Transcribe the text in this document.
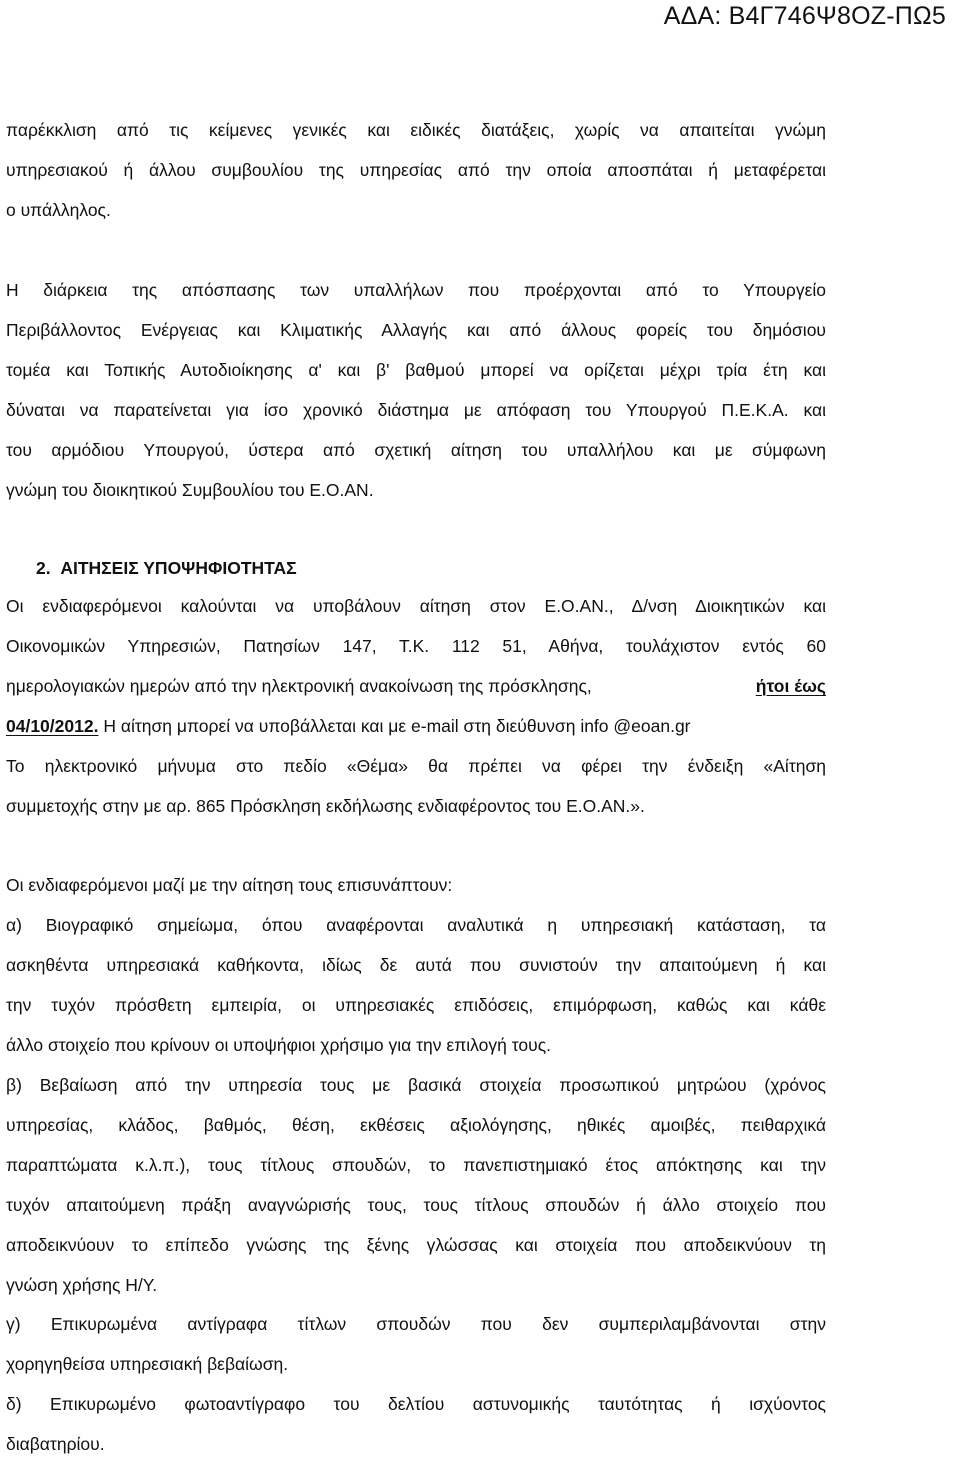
ΑΔΑ: Β4Γ746Ψ8ΟΖ-ΠΩ5
παρέκκλιση από τις κείμενες γενικές και ειδικές διατάξεις, χωρίς να απαιτείται γνώμη
υπηρεσιακού ή άλλου συμβουλίου της υπηρεσίας από την οποία αποσπάται ή μεταφέρεται
ο υπάλληλος.
Η διάρκεια της απόσπασης των υπαλλήλων που προέρχονται από το Υπουργείο
Περιβάλλοντος Ενέργειας και Κλιματικής Αλλαγής και από άλλους φορείς του δημόσιου
τομέα και Τοπικής Αυτοδιοίκησης α' και β' βαθμού μπορεί να ορίζεται μέχρι τρία έτη και
δύναται να παρατείνεται για ίσο χρονικό διάστημα με απόφαση του Υπουργού Π.Ε.Κ.Α. και
του αρμόδιου Υπουργού, ύστερα από σχετική αίτηση του υπαλλήλου και με σύμφωνη
γνώμη του διοικητικού Συμβουλίου του Ε.Ο.ΑΝ.
2. ΑΙΤΗΣΕΙΣ ΥΠΟΨΗΦΙΟΤΗΤΑΣ
Οι ενδιαφερόμενοι καλούνται να υποβάλουν αίτηση στον Ε.Ο.ΑΝ., Δ/νση Διοικητικών και
Οικονομικών Υπηρεσιών, Πατησίων 147, Τ.Κ. 112 51, Αθήνα, τουλάχιστον εντός 60
ημερολογιακών ημερών από την ηλεκτρονική ανακοίνωση της πρόσκλησης,	ήτοι έως
04/10/2012. Η αίτηση μπορεί να υποβάλλεται και με e-mail στη διεύθυνση info @eoan.gr
Το ηλεκτρονικό μήνυμα στο πεδίο «Θέμα» θα πρέπει να φέρει την ένδειξη «Αίτηση
συμμετοχής στην με αρ. 865 Πρόσκληση εκδήλωσης ενδιαφέροντος του Ε.Ο.ΑΝ.».
Οι ενδιαφερόμενοι μαζί με την αίτηση τους επισυνάπτουν:
α) Βιογραφικό σημείωμα, όπου αναφέρονται αναλυτικά η υπηρεσιακή κατάσταση, τα
ασκηθέντα υπηρεσιακά καθήκοντα, ιδίως δε αυτά που συνιστούν την απαιτούμενη ή και
την τυχόν πρόσθετη εμπειρία, οι υπηρεσιακές επιδόσεις, επιμόρφωση, καθώς και κάθε
άλλο στοιχείο που κρίνουν οι υποψήφιοι χρήσιμο για την επιλογή τους.
β) Βεβαίωση από την υπηρεσία τους με βασικά στοιχεία προσωπικού μητρώου (χρόνος
υπηρεσίας, κλάδος, βαθμός, θέση, εκθέσεις αξιολόγησης, ηθικές αμοιβές, πειθαρχικά
παραπτώματα κ.λ.π.), τους τίτλους σπουδών, το πανεπιστημιακό έτος απόκτησης και την
τυχόν απαιτούμενη πράξη αναγνώρισής τους, τους τίτλους σπουδών ή άλλο στοιχείο που
αποδεικνύουν το επίπεδο γνώσης της ξένης γλώσσας και στοιχεία που αποδεικνύουν τη
γνώση χρήσης Η/Υ.
γ) Επικυρωμένα αντίγραφα τίτλων σπουδών που δεν συμπεριλαμβάνονται στην
χορηγηθείσα υπηρεσιακή βεβαίωση.
δ) Επικυρωμένο φωτοαντίγραφο του δελτίου αστυνομικής ταυτότητας ή ισχύοντος
διαβατηρίου.
